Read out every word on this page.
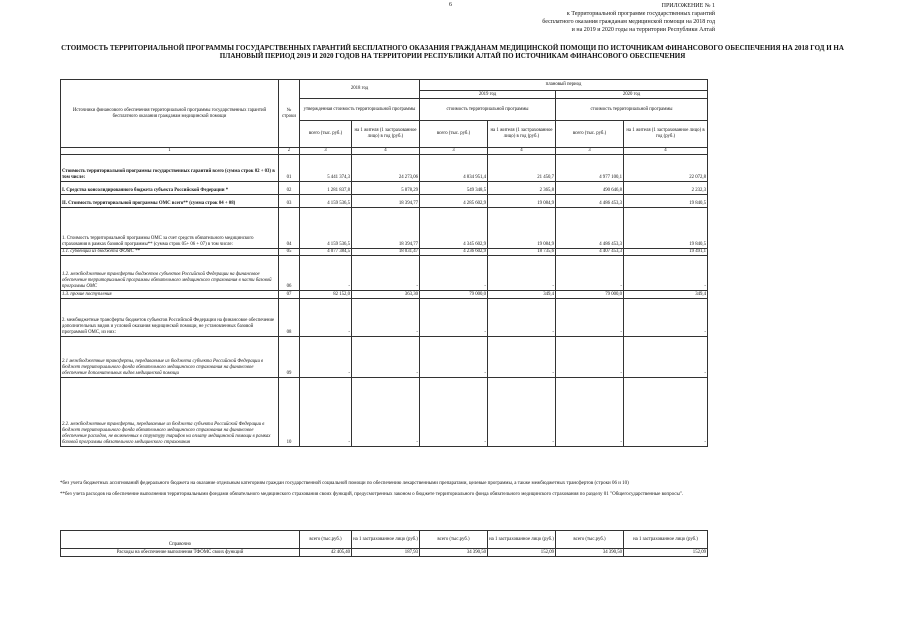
6	ПРИЛОЖЕНИЕ № 1
к Территориальной программе государственных гарантий
бесплатного оказания гражданам медицинской помощи на 2018 год
и на 2019 и 2020 годы на территории Республики Алтай
СТОИМОСТЬ ТЕРРИТОРИАЛЬНОЙ ПРОГРАММЫ ГОСУДАРСТВЕННЫХ ГАРАНТИЙ БЕСПЛАТНОГО ОКАЗАНИЯ ГРАЖДАНАМ МЕДИЦИНСКОЙ ПОМОЩИ ПО ИСТОЧНИКАМ ФИНАНСОВОГО ОБЕСПЕЧЕНИЯ НА 2018 ГОД И НА ПЛАНОВЫЙ ПЕРИОД 2019 И 2020 ГОДОВ НА ТЕРРИТОРИИ РЕСПУБЛИКИ АЛТАЙ ПО ИСТОЧНИКАМ ФИНАНСОВОГО ОБЕСПЕЧЕНИЯ
Источники финансового обеспечения территориальной программы государственных гарантий бесплатного оказания гражданам медицинской помощи	№ строки	2018 год		плановый период			
				2019 год		2020 год	
		утвержденная стоимость территориальной программы		стоимость территориальной программы		стоимость территориальной программы	
		всего (тыс. руб.)	на 1 жителя (1 застрахованное лицо) в год (руб.)	всего (тыс. руб.)	на 1 жителя (1 застрахованное лицо) в год (руб.)	всего (тыс. руб.)	на 1 жителя (1 застрахованное лицо) в год (руб.)
1	2	3	4	3	4	3	4
Стоимость территориальной программы государственных гарантий всего (сумма строк 02 + 03) в том числе:	01	5 441 374,3	24 273,06	4 834 951,4	21 450,7	4 977 100,1	22 072,8
I. Средства консолидированного бюджета субъекта Российской Федерации *	02	1 281 837,8	5 878,29	549 348,5	2 365,8	490 646,8	2 232,3
II. Стоимость территориальной программы ОМС всего** (сумма строк 04 + 08)	03	4 159 536,5	18 394,77	4 285 602,9	19 084,9	4 486 453,3	19 840,5
1. Стоимость территориальной программы ОМС за счет средств обязательного медицинского страхования в рамках базовой программы** (сумма строк 05+ 06 + 07) в том числе:	04	4 159 536,5	18 394,77	4 345 602,9	19 084,9	4 486 453,3	19 840,5
1.1. субвенции из бюджета ФОМС **	05	4 077 384,5	18 031,47	4 236 602,9	18 735,6	4 407 453,3	19 491,1
1.2. межбюджетные трансферты бюджетов субъектов Российской Федерации на финансовое обеспечение территориальной программы обязательного медицинского страхования в части базовой программы ОМС	06	-	-	-	-	-	-
1.3. прочие поступления	07	82 152,0	363,30	79 000,0	349,4	79 000,0	349,4
2. межбюджетные трансферты бюджетов субъектов Российской Федерации на финансовое обеспечение дополнительных видов и условий оказания медицинской помощи, не установленных базовой программой ОМС, из них:	08	-	-	-	-	-	-
2.1 межбюджетные трансферты, передаваемые из бюджета субъекта Российской Федерации в бюджет территориального фонда обязательного медицинского страхования на финансовое обеспечение дополнительных видов медицинской помощи	09	-	-	-	-	-	-
2.2. межбюджетные трансферты, передаваемые из бюджета субъекта Российской Федерации в бюджет территориального фонда обязательного медицинского страхования на финансовое обеспечение расходов, не включенных в структуру тарифов на оплату медицинской помощи в рамках базовой программы обязательного медицинского страхования	10	-	-	-	-	-	-
*без учета бюджетных ассигнований федерального бюджета на оказание отдельным категориям граждан государственной социальной помощи по обеспечению лекарственными препаратами, целевые программы, а также межбюджетных трансфертов (строки 06 и 10)
**без учета расходов на обеспечение выполнения территориальными фондами обязательного медицинского страхования своих функций, предусмотренных законом о бюджете территориального фонда обязательного медицинского страхования по разделу 01 "Общегосударственные вопросы".
Справочно	всего (тыс.руб.)	на 1 застрахованное лицо (руб.)	всего (тыс.руб.)	на 1 застрахованное лицо (руб.)	всего (тыс.руб.)	на 1 застрахованное лицо (руб.)
Расходы на обеспечение выполнения ТФОМС своих функций	42 405,40	187,93	34 390,50	152,09	34 390,50	152,09
